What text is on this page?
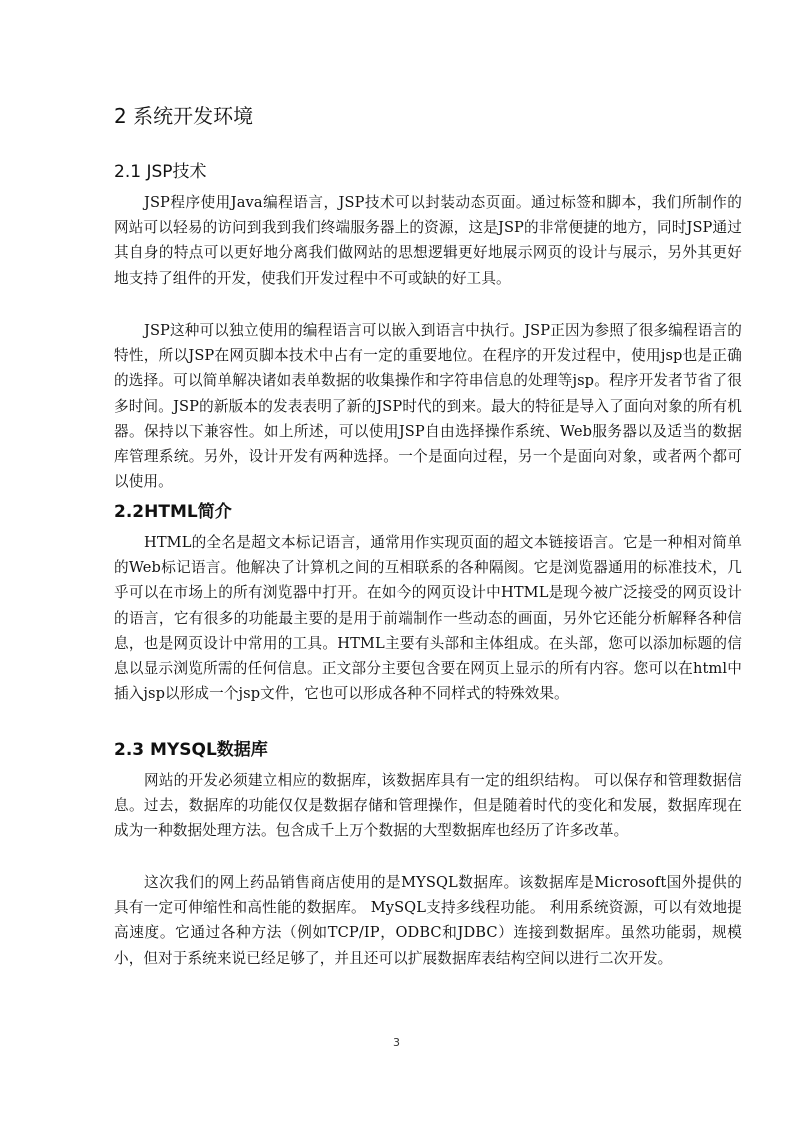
2 系统开发环境
2.1 JSP技术
JSP程序使用Java编程语言，JSP技术可以封装动态页面。通过标签和脚本，我们所制作的网站可以轻易的访问到我到我们终端服务器上的资源，这是JSP的非常便捷的地方，同时JSP通过其自身的特点可以更好地分离我们做网站的思想逻辑更好地展示网页的设计与展示，另外其更好地支持了组件的开发，使我们开发过程中不可或缺的好工具。
JSP这种可以独立使用的编程语言可以嵌入到语言中执行。JSP正因为参照了很多编程语言的特性，所以JSP在网页脚本技术中占有一定的重要地位。在程序的开发过程中，使用jsp也是正确的选择。可以简单解决诸如表单数据的收集操作和字符串信息的处理等jsp。程序开发者节省了很多时间。JSP的新版本的发表表明了新的JSP时代的到来。最大的特征是导入了面向对象的所有机器。保持以下兼容性。如上所述，可以使用JSP自由选择操作系统、Web服务器以及适当的数据库管理系统。另外，设计开发有两种选择。一个是面向过程，另一个是面向对象，或者两个都可以使用。
2.2HTML简介
HTML的全名是超文本标记语言，通常用作实现页面的超文本链接语言。它是一种相对简单的Web标记语言。他解决了计算机之间的互相联系的各种隔阂。它是浏览器通用的标准技术，几乎可以在市场上的所有浏览器中打开。在如今的网页设计中HTML是现今被广泛接受的网页设计的语言，它有很多的功能最主要的是用于前端制作一些动态的画面，另外它还能分析解释各种信息，也是网页设计中常用的工具。HTML主要有头部和主体组成。在头部，您可以添加标题的信息以显示浏览所需的任何信息。正文部分主要包含要在网页上显示的所有内容。您可以在html中插入jsp以形成一个jsp文件，它也可以形成各种不同样式的特殊效果。
2.3 MYSQL数据库
网站的开发必须建立相应的数据库，该数据库具有一定的组织结构。 可以保存和管理数据信息。过去，数据库的功能仅仅是数据存储和管理操作，但是随着时代的变化和发展，数据库现在成为一种数据处理方法。包含成千上万个数据的大型数据库也经历了许多改革。
这次我们的网上药品销售商店使用的是MYSQL数据库。该数据库是Microsoft国外提供的具有一定可伸缩性和高性能的数据库。 MySQL支持多线程功能。 利用系统资源，可以有效地提高速度。它通过各种方法（例如TCP/IP，ODBC和JDBC）连接到数据库。虽然功能弱，规模小，但对于系统来说已经足够了，并且还可以扩展数据库表结构空间以进行二次开发。
3
